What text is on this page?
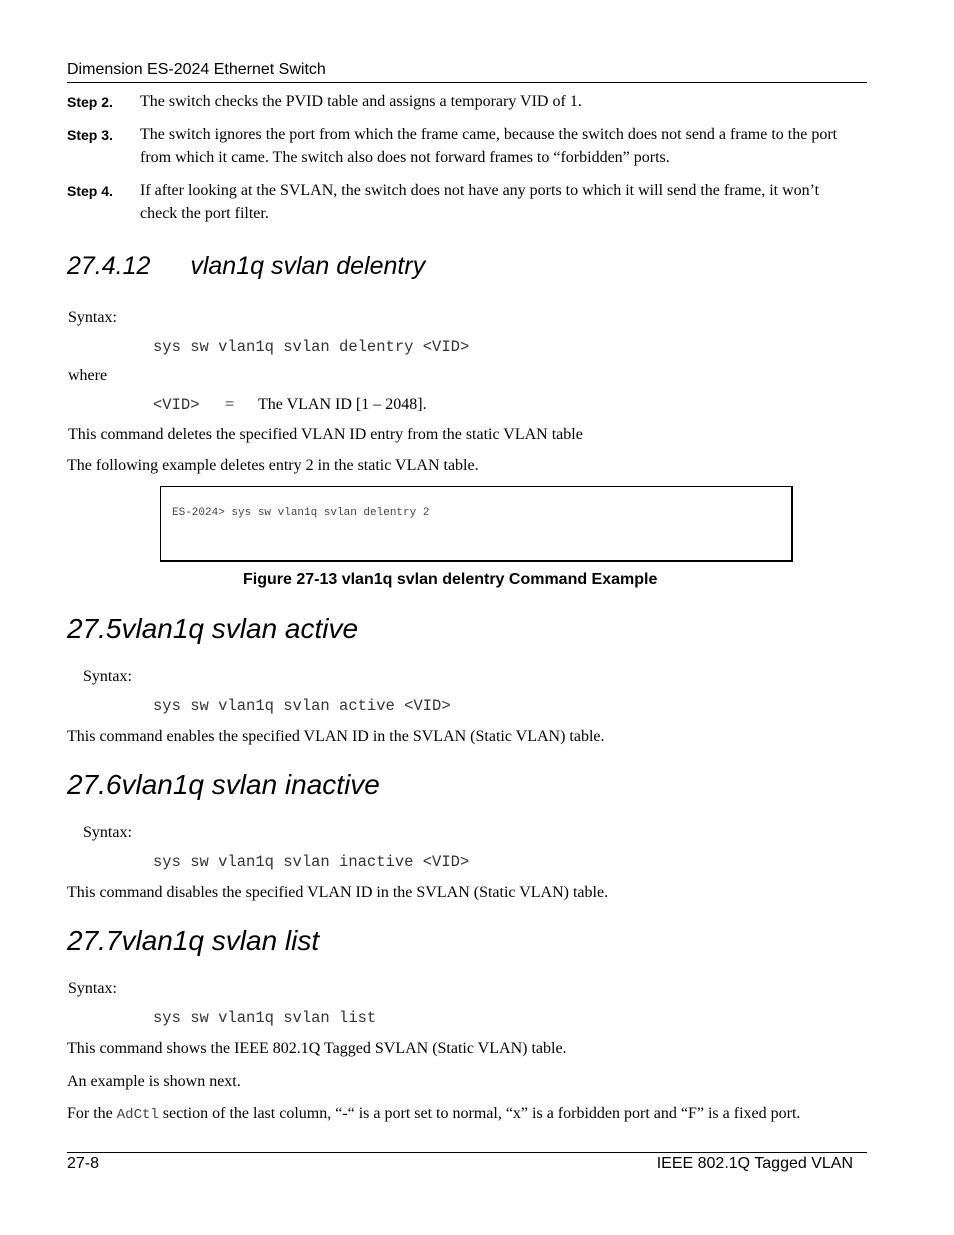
Dimension ES-2024 Ethernet Switch
Step 2. The switch checks the PVID table and assigns a temporary VID of 1.
Step 3. The switch ignores the port from which the frame came, because the switch does not send a frame to the port from which it came. The switch also does not forward frames to “forbidden” ports.
Step 4. If after looking at the SVLAN, the switch does not have any ports to which it will send the frame, it won’t check the port filter.
27.4.12 vlan1q svlan delentry
Syntax:
sys sw vlan1q svlan delentry <VID>
where
<VID> = The VLAN ID [1 – 2048].
This command deletes the specified VLAN ID entry from the static VLAN table
The following example deletes entry 2 in the static VLAN table.
ES-2024> sys sw vlan1q svlan delentry 2
Figure 27-13 vlan1q svlan delentry Command Example
27.5vlan1q svlan active
Syntax:
sys sw vlan1q svlan active <VID>
This command enables the specified VLAN ID in the SVLAN (Static VLAN) table.
27.6vlan1q svlan inactive
Syntax:
sys sw vlan1q svlan inactive <VID>
This command disables the specified VLAN ID in the SVLAN (Static VLAN) table.
27.7vlan1q svlan list
Syntax:
sys sw vlan1q svlan list
This command shows the IEEE 802.1Q Tagged SVLAN (Static VLAN) table.
An example is shown next.
For the AdCtl section of the last column, “-“ is a port set to normal, “x” is a forbidden port and “F” is a fixed port.
27-8	IEEE 802.1Q Tagged VLAN
